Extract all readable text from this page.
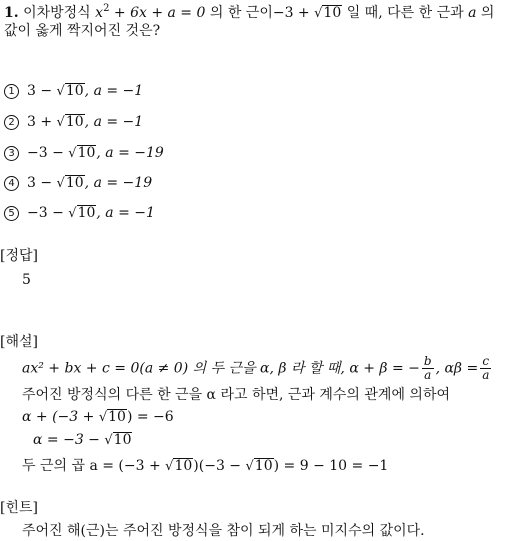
1. 이차방정식 $x^2 + 6x + a = 0$ 의 한 근이−3 + √10 일 때, 다른 한 근과 a 의
값이 옳게 짝지어진 것은?
1 3 − √10, a = −1
2 3 + √10, a = −1
3 −3 − √10, a = −19
4 3 − √10, a = −19
5 −3 − √10, a = −1
[정답]
5
[해설]
ax² + bx + c = 0(a ≠ 0) 의 두 근을 α, β 라 할 때, α + β = − $\frac{b}{a}$ , $\alpha\beta = \frac{c}{a}$
주어진 방정식의 다른 한 근을 α 라고 하면, 근과 계수의 관계에 의하여
α + (−3 + √10) = −6
α = −3 − √10
두 근의 곱 a = (−3 + √10)(−3 − √10) = 9 − 10 = −1
[힌트]
주어진 해(근)는 주어진 방정식을 참이 되게 하는 미지수의 값이다.
